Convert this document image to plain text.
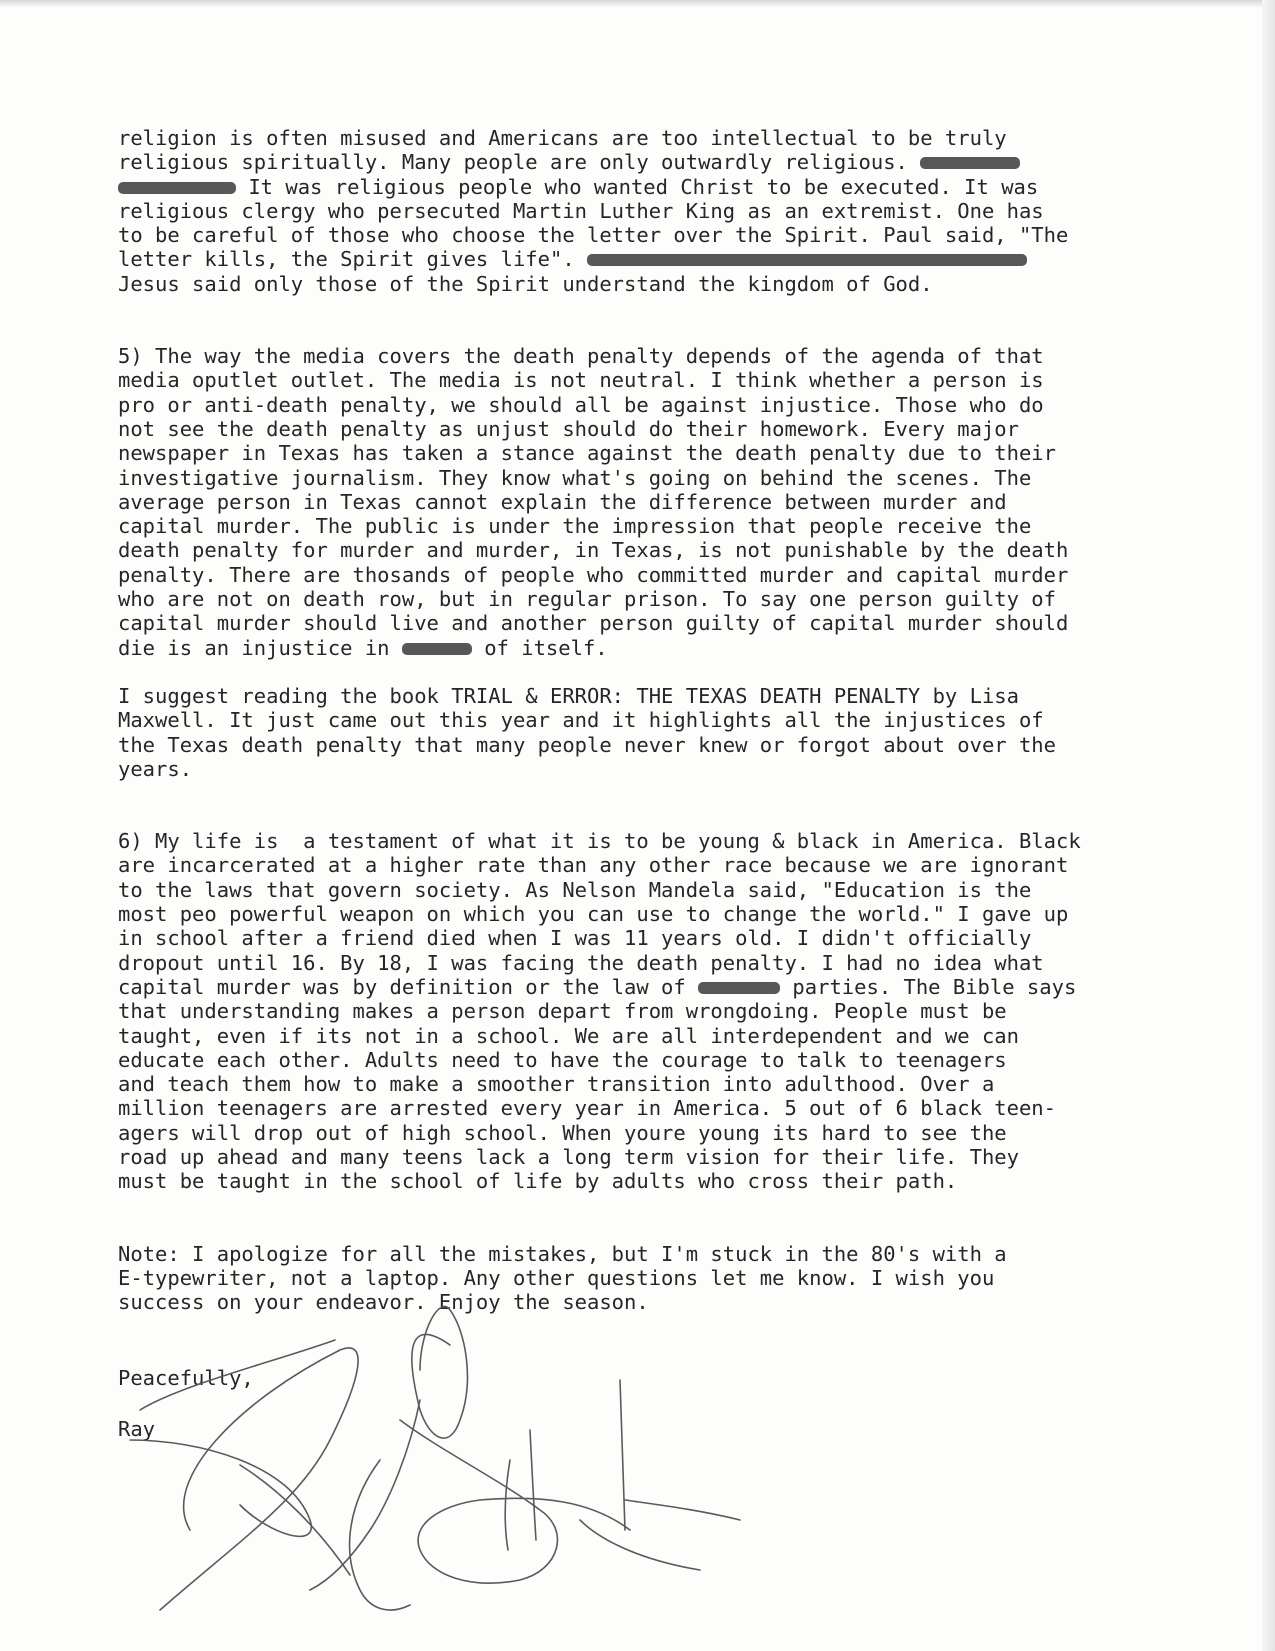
religion is often misused and Americans are too intellectual to be truly
religious spiritually. Many people are only outwardly religious.
It was religious people who wanted Christ to be executed. It was
religious clergy who persecuted Martin Luther King as an extremist. One has
to be careful of those who choose the letter over the Spirit. Paul said, "The
letter kills, the Spirit gives life".
Jesus said only those of the Spirit understand the kingdom of God.

5) The way the media covers the death penalty depends of the agenda of that
media oputlet outlet. The media is not neutral. I think whether a person is
pro or anti-death penalty, we should all be against injustice. Those who do
not see the death penalty as unjust should do their homework. Every major
newspaper in Texas has taken a stance against the death penalty due to their
investigative journalism. They know what's going on behind the scenes. The
average person in Texas cannot explain the difference between murder and
capital murder. The public is under the impression that people receive the
death penalty for murder and murder, in Texas, is not punishable by the death
penalty. There are thosands of people who committed murder and capital murder
who are not on death row, but in regular prison. To say one person guilty of
capital murder should live and another person guilty of capital murder should
die is an injustice in	of itself.

I suggest reading the book TRIAL & ERROR: THE TEXAS DEATH PENALTY by Lisa
Maxwell. It just came out this year and it highlights all the injustices of
the Texas death penalty that many people never knew or forgot about over the
years.

6) My life is  a testament of what it is to be young & black in America. Black
are incarcerated at a higher rate than any other race because we are ignorant
to the laws that govern society. As Nelson Mandela said, "Education is the
most peo powerful weapon on which you can use to change the world." I gave up
in school after a friend died when I was 11 years old. I didn't officially
dropout until 16. By 18, I was facing the death penalty. I had no idea what
capital murder was by definition or the law of	parties. The Bible says
that understanding makes a person depart from wrongdoing. People must be
taught, even if its not in a school. We are all interdependent and we can
educate each other. Adults need to have the courage to talk to teenagers
and teach them how to make a smoother transition into adulthood. Over a
million teenagers are arrested every year in America. 5 out of 6 black teen-
agers will drop out of high school. When youre young its hard to see the
road up ahead and many teens lack a long term vision for their life. They
must be taught in the school of life by adults who cross their path.

Note: I apologize for all the mistakes, but I'm stuck in the 80's with a
E-typewriter, not a laptop. Any other questions let me know. I wish you
success on your endeavor. Enjoy the season.

Peacefully,

Ray
